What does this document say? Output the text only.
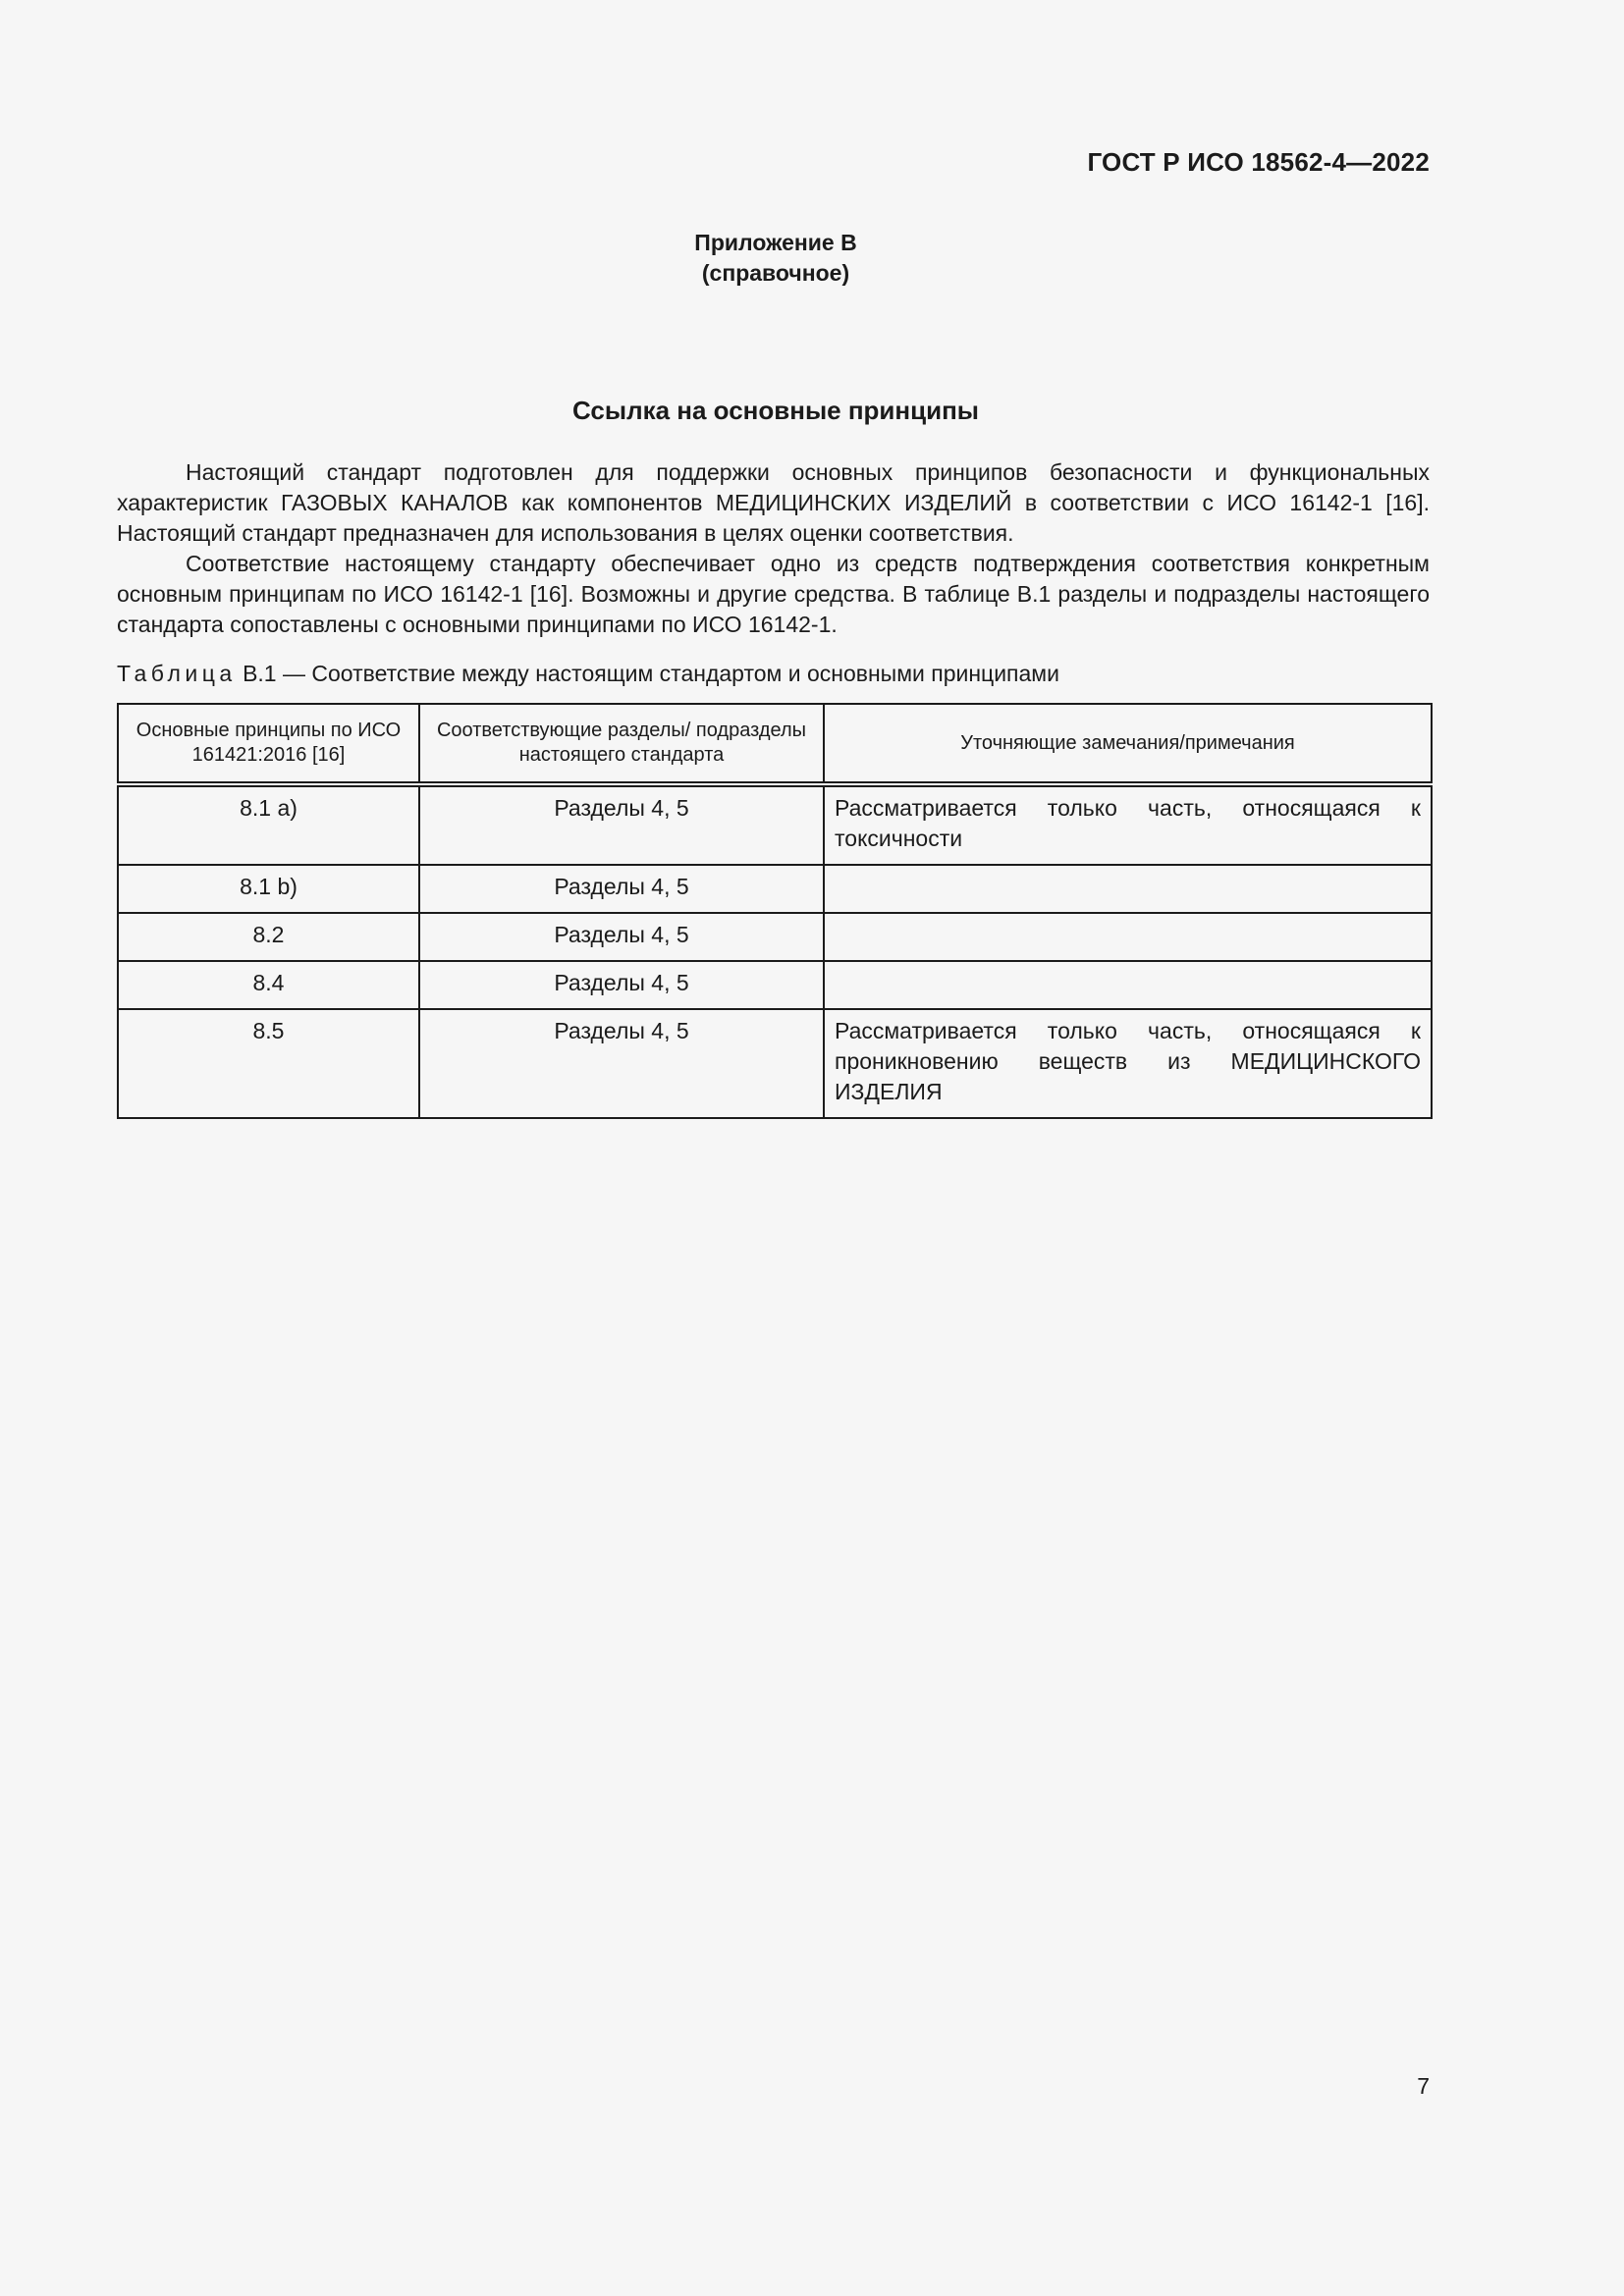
ГОСТ Р ИСО 18562-4—2022
Приложение В
(справочное)
Ссылка на основные принципы

Настоящий стандарт подготовлен для поддержки основных принципов безопасности и функциональных характеристик ГАЗОВЫХ КАНАЛОВ как компонентов МЕДИЦИНСКИХ ИЗДЕЛИЙ в соответствии с ИСО 16142-1 [16]. Настоящий стандарт предназначен для использования в целях оценки соответствия.

Соответствие настоящему стандарту обеспечивает одно из средств подтверждения соответствия конкретным основным принципам по ИСО 16142-1 [16]. Возможны и другие средства. В таблице В.1 разделы и подразделы настоящего стандарта сопоставлены с основными принципами по ИСО 16142-1.

Таблица В.1 — Соответствие между настоящим стандартом и основными принципами
Основные принципы по ИСО 161421:2016 [16]	Соответствующие разделы/ подразделы настоящего стандарта	Уточняющие замечания/примечания
8.1 a)	Разделы 4, 5	Рассматривается только часть, относящаяся к токсичности
8.1 b)	Разделы 4, 5	
8.2	Разделы 4, 5	
8.4	Разделы 4, 5	
8.5	Разделы 4, 5	Рассматривается только часть, относящаяся к проникновению веществ из МЕДИЦИНСКОГО ИЗДЕЛИЯ
7
